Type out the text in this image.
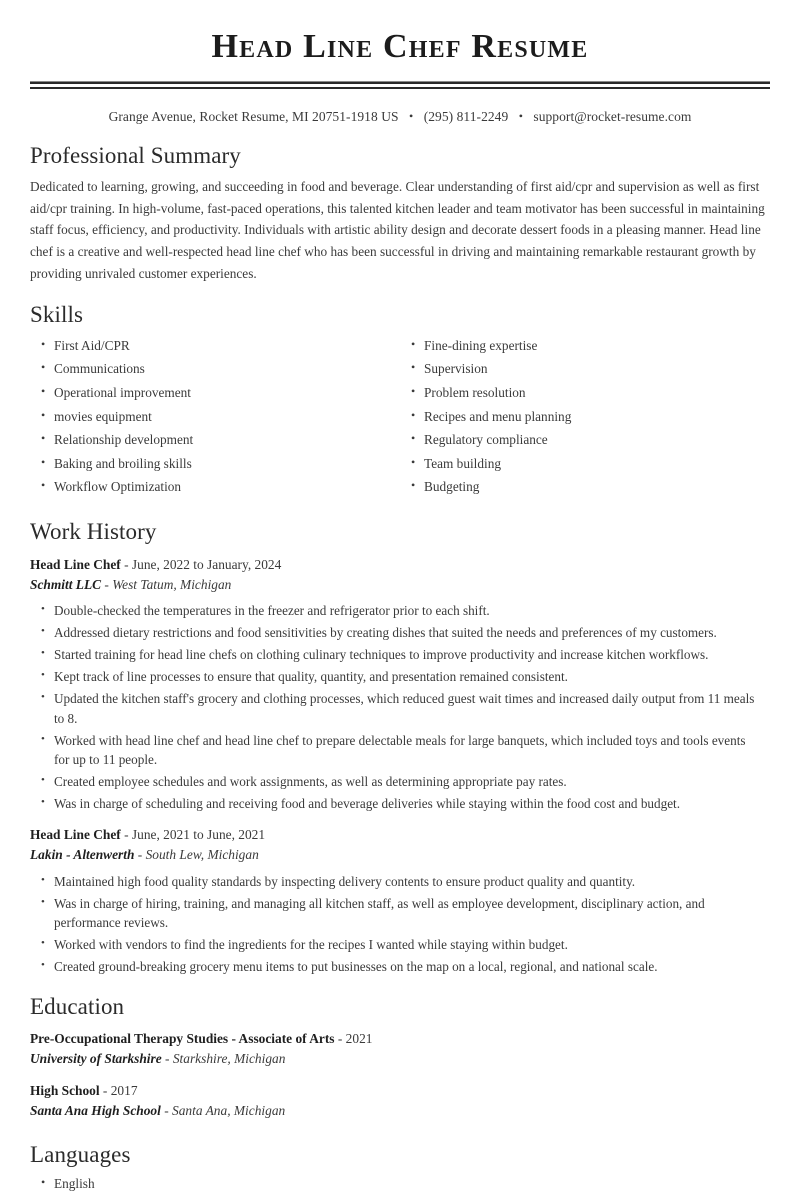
Head Line Chef Resume
Grange Avenue, Rocket Resume, MI 20751-1918 US • (295) 811-2249 • support@rocket-resume.com
Professional Summary

Dedicated to learning, growing, and succeeding in food and beverage. Clear understanding of first aid/cpr and supervision as well as first aid/cpr training. In high-volume, fast-paced operations, this talented kitchen leader and team motivator has been successful in maintaining staff focus, efficiency, and productivity. Individuals with artistic ability design and decorate dessert foods in a pleasing manner. Head line chef is a creative and well-respected head line chef who has been successful in driving and maintaining remarkable restaurant growth by providing unrivaled customer experiences.

Skills
• First Aid/CPR
• Communications
• Operational improvement
• movies equipment
• Relationship development
• Baking and broiling skills
• Workflow Optimization
• Fine-dining expertise
• Supervision
• Problem resolution
• Recipes and menu planning
• Regulatory compliance
• Team building
• Budgeting
Work History
Head Line Chef - June, 2022 to January, 2024
Schmitt LLC - West Tatum, Michigan
• Double-checked the temperatures in the freezer and refrigerator prior to each shift.
• Addressed dietary restrictions and food sensitivities by creating dishes that suited the needs and preferences of my customers.
• Started training for head line chefs on clothing culinary techniques to improve productivity and increase kitchen workflows.
• Kept track of line processes to ensure that quality, quantity, and presentation remained consistent.
• Updated the kitchen staff's grocery and clothing processes, which reduced guest wait times and increased daily output from 11 meals to 8.
• Worked with head line chef and head line chef to prepare delectable meals for large banquets, which included toys and tools events for up to 11 people.
• Created employee schedules and work assignments, as well as determining appropriate pay rates.
• Was in charge of scheduling and receiving food and beverage deliveries while staying within the food cost and budget.
Head Line Chef - June, 2021 to June, 2021
Lakin - Altenwerth - South Lew, Michigan
• Maintained high food quality standards by inspecting delivery contents to ensure product quality and quantity.
• Was in charge of hiring, training, and managing all kitchen staff, as well as employee development, disciplinary action, and performance reviews.
• Worked with vendors to find the ingredients for the recipes I wanted while staying within budget.
• Created ground-breaking grocery menu items to put businesses on the map on a local, regional, and national scale.
Education
Pre-Occupational Therapy Studies - Associate of Arts - 2021
University of Starkshire - Starkshire, Michigan
High School - 2017
Santa Ana High School - Santa Ana, Michigan
Languages
• English
